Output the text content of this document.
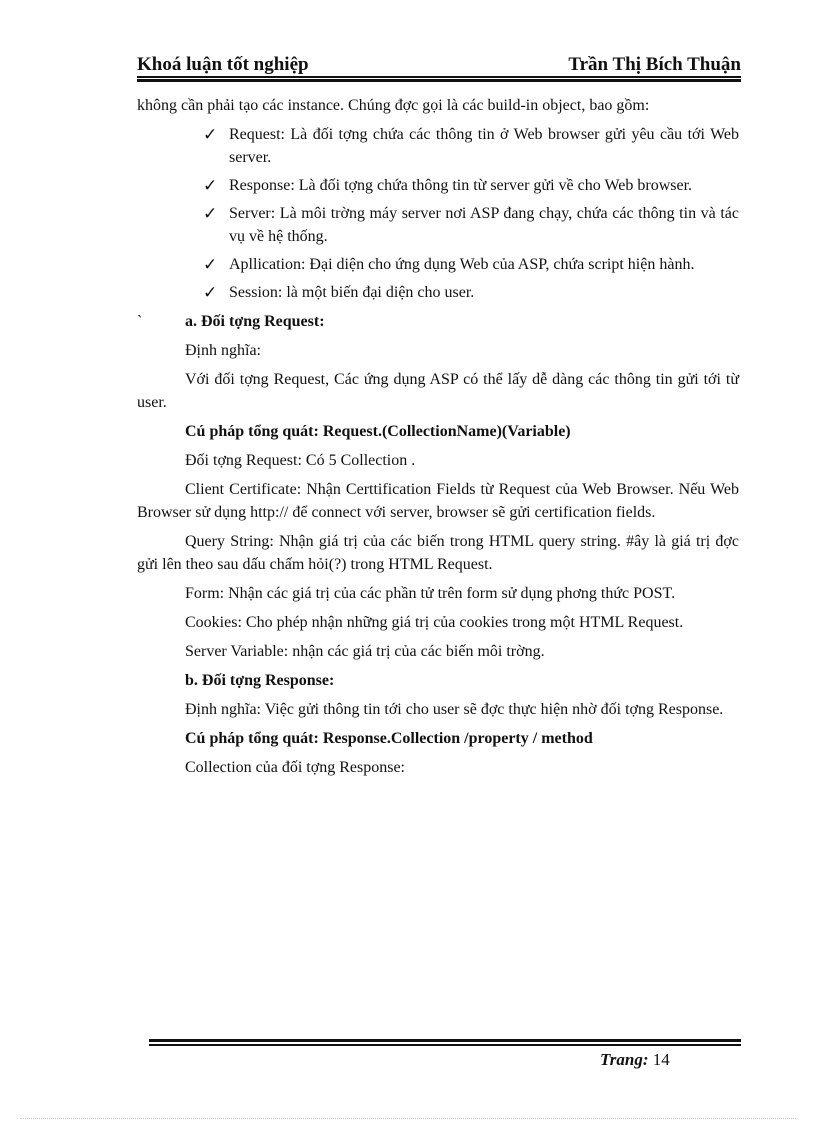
Khoá luận tốt nghiệp	Trần Thị Bích Thuận

không cần phải tạo các instance. Chúng đợc gọi là các build-in object, bao gồm:

✓ Request: Là đối tợng chứa các thông tin ở Web browser gửi yêu cầu tới Web server.
✓ Response: Là đối tợng chứa thông tin từ server gửi về cho Web browser.
✓ Server: Là môi trờng máy server nơi ASP đang chạy, chứa các thông tin và tác vụ về hệ thống.
✓ Apllication: Đại diện cho ứng dụng Web của ASP, chứa script hiện hành.
✓ Session: là một biến đại diện cho user.

`	a. Đối tợng Request:

Định nghĩa:

Với đối tợng Request, Các ứng dụng ASP có thể lấy dễ dàng các thông tin gửi tới từ user.

Cú pháp tổng quát: Request.(CollectionName)(Variable)

Đối tợng Request: Có 5 Collection .

Client Certificate: Nhận Certtification Fields từ Request của Web Browser. Nếu Web Browser sử dụng http:// để connect với server, browser sẽ gửi certification fields.

Query String: Nhận giá trị của các biến trong HTML query string. #ây là giá trị đợc gửi lên theo sau dấu chấm hỏi(?) trong HTML Request.

Form: Nhận các giá trị của các phần tử trên form sử dụng phơng thức POST.

Cookies: Cho phép nhận những giá trị của cookies trong một HTML Request.

Server Variable: nhận các giá trị của các biến môi trờng.

b. Đối tợng Response:

Định nghĩa: Việc gửi thông tin tới cho user sẽ đợc thực hiện nhờ đối tợng Response.

Cú pháp tổng quát: Response.Collection /property / method

Collection của đối tợng Response:

Trang: 14
